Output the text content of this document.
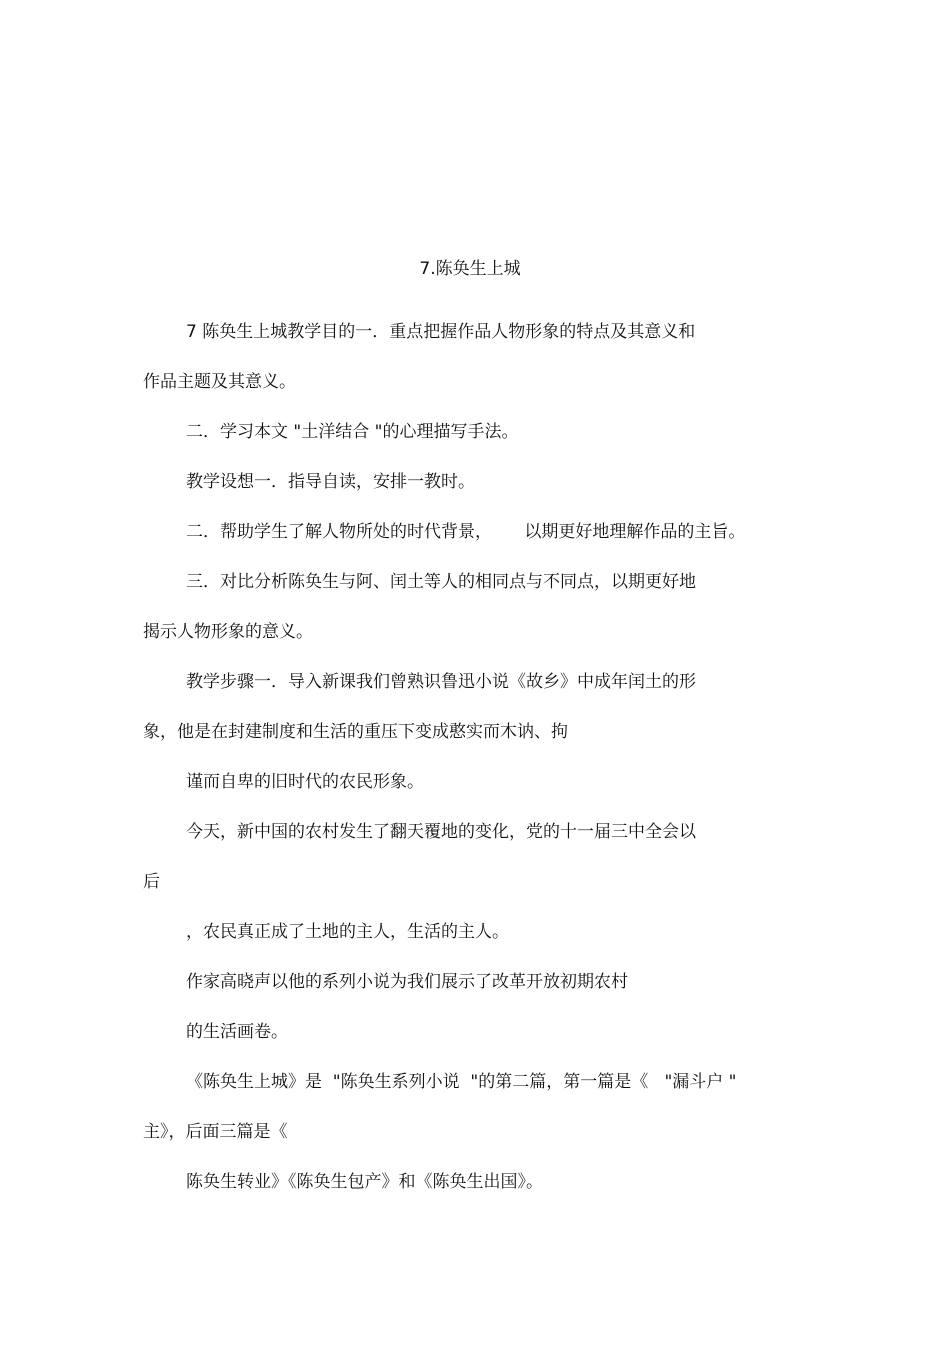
7.陈奂生上城
7 陈奂生上城教学目的一．重点把握作品人物形象的特点及其意义和
作品主题及其意义。
二．学习本文 "土洋结合 "的心理描写手法。
教学设想一．指导自读，安排一教时。
二．帮助学生了解人物所处的时代背景，      以期更好地理解作品的主旨。
三．对比分析陈奂生与阿、闰土等人的相同点与不同点，以期更好地
揭示人物形象的意义。
教学步骤一．导入新课我们曾熟识鲁迅小说《故乡》中成年闰土的形
象，他是在封建制度和生活的重压下变成憨实而木讷、拘
谨而自卑的旧时代的农民形象。
今天，新中国的农村发生了翻天覆地的变化，党的十一届三中全会以
后
，农民真正成了土地的主人，生活的主人。
作家高晓声以他的系列小说为我们展示了改革开放初期农村
的生活画卷。
《陈奂生上城》是  "陈奂生系列小说  "的第二篇，第一篇是《   "漏斗户 "
主》，后面三篇是《
陈奂生转业》《陈奂生包产》和《陈奂生出国》。
